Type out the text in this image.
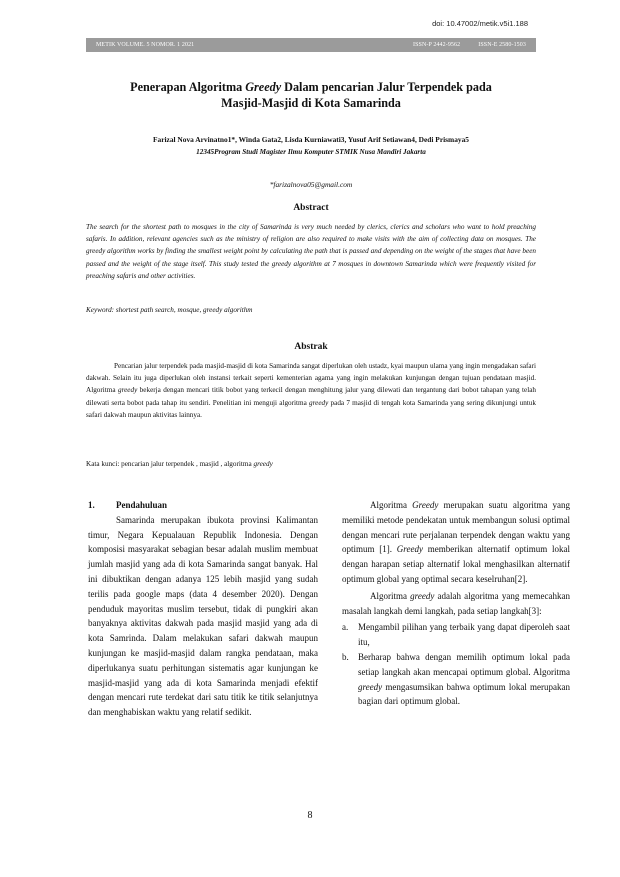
doi: 10.47002/metik.v5i1.188
METIK VOLUME. 5 NOMOR. 1 2021	ISSN-P 2442-9562	ISSN-E 2580-1503
Penerapan Algoritma Greedy Dalam pencarian Jalur Terpendek pada
Masjid-Masjid di Kota Samarinda
Farizal Nova Arvinatno1*, Winda Gata2, Lisda Kurniawati3, Yusuf Arif Setiawan4, Dedi Prismaya5
12345Program Studi Magister Ilmu Komputer STMIK Nusa Mandiri Jakarta
*farizalnova05@gmail.com
Abstract
The search for the shortest path to mosques in the city of Samarinda is very much needed by clerics, clerics and scholars who want to hold preaching safaris. In addition, relevant agencies such as the ministry of religion are also required to make visits with the aim of collecting data on mosques. The greedy algorithm works by finding the smallest weight point by calculating the path that is passed and depending on the weight of the stages that have been passed and the weight of the stage itself. This study tested the greedy algorithm at 7 mosques in downtown Samarinda which were frequently visited for preaching safaris and other activities.
Keyword: shortest path search, mosque, greedy algorithm
Abstrak
Pencarian jalur terpendek pada masjid-masjid di kota Samarinda sangat diperlukan oleh ustadz, kyai maupun ulama yang ingin mengadakan safari dakwah. Selain itu juga diperlukan oleh instansi terkait seperti kementerian agama yang ingin melakukan kunjungan dengan tujuan pendataan masjid. Algoritma greedy bekerja dengan mencari titik bobot yang terkecil dengan menghitung jalur yang dilewati dan tergantung dari bobot tahapan yang telah dilewati serta bobot pada tahap itu sendiri. Penelitian ini menguji algoritma greedy pada 7 masjid di tengah kota Samarinda yang sering dikunjungi untuk safari dakwah maupun aktivitas lainnya.
Kata kunci: pencarian jalur terpendek , masjid , algoritma greedy

1. Pendahuluan

Samarinda merupakan ibukota provinsi Kalimantan timur, Negara Kepualauan Republik Indonesia. Dengan komposisi masyarakat sebagian besar adalah muslim membuat jumlah masjid yang ada di kota Samarinda sangat banyak. Hal ini dibuktikan dengan adanya 125 lebih masjid yang sudah terilis pada google maps (data 4 desember 2020). Dengan penduduk mayoritas muslim tersebut, tidak di pungkiri akan banyaknya aktivitas dakwah pada masjid masjid yang ada di kota Samrinda. Dalam melakukan safari dakwah maupun kunjungan ke masjid-masjid dalam rangka pendataan, maka diperlukanya suatu perhitungan sistematis agar kunjungan ke masjid-masjid yang ada di kota Samarinda menjadi efektif dengan mencari rute terdekat dari satu titik ke titik selanjutnya dan menghabiskan waktu yang relatif sedikit.

Algoritma Greedy merupakan suatu algoritma yang memiliki metode pendekatan untuk membangun solusi optimal dengan mencari rute perjalanan terpendek dengan waktu yang optimum [1]. Greedy memberikan alternatif optimum lokal dengan harapan setiap alternatif lokal menghasilkan alternatif optimum global yang optimal secara keselruhan[2].

Algoritma greedy adalah algoritma yang memecahkan masalah langkah demi langkah, pada setiap langkah[3]:

a.	Mengambil pilihan yang terbaik yang dapat diperoleh saat itu,
b.	Berharap bahwa dengan memilih optimum lokal pada setiap langkah akan mencapai optimum global. Algoritma greedy mengasumsikan bahwa optimum lokal merupakan bagian dari optimum global.
8
